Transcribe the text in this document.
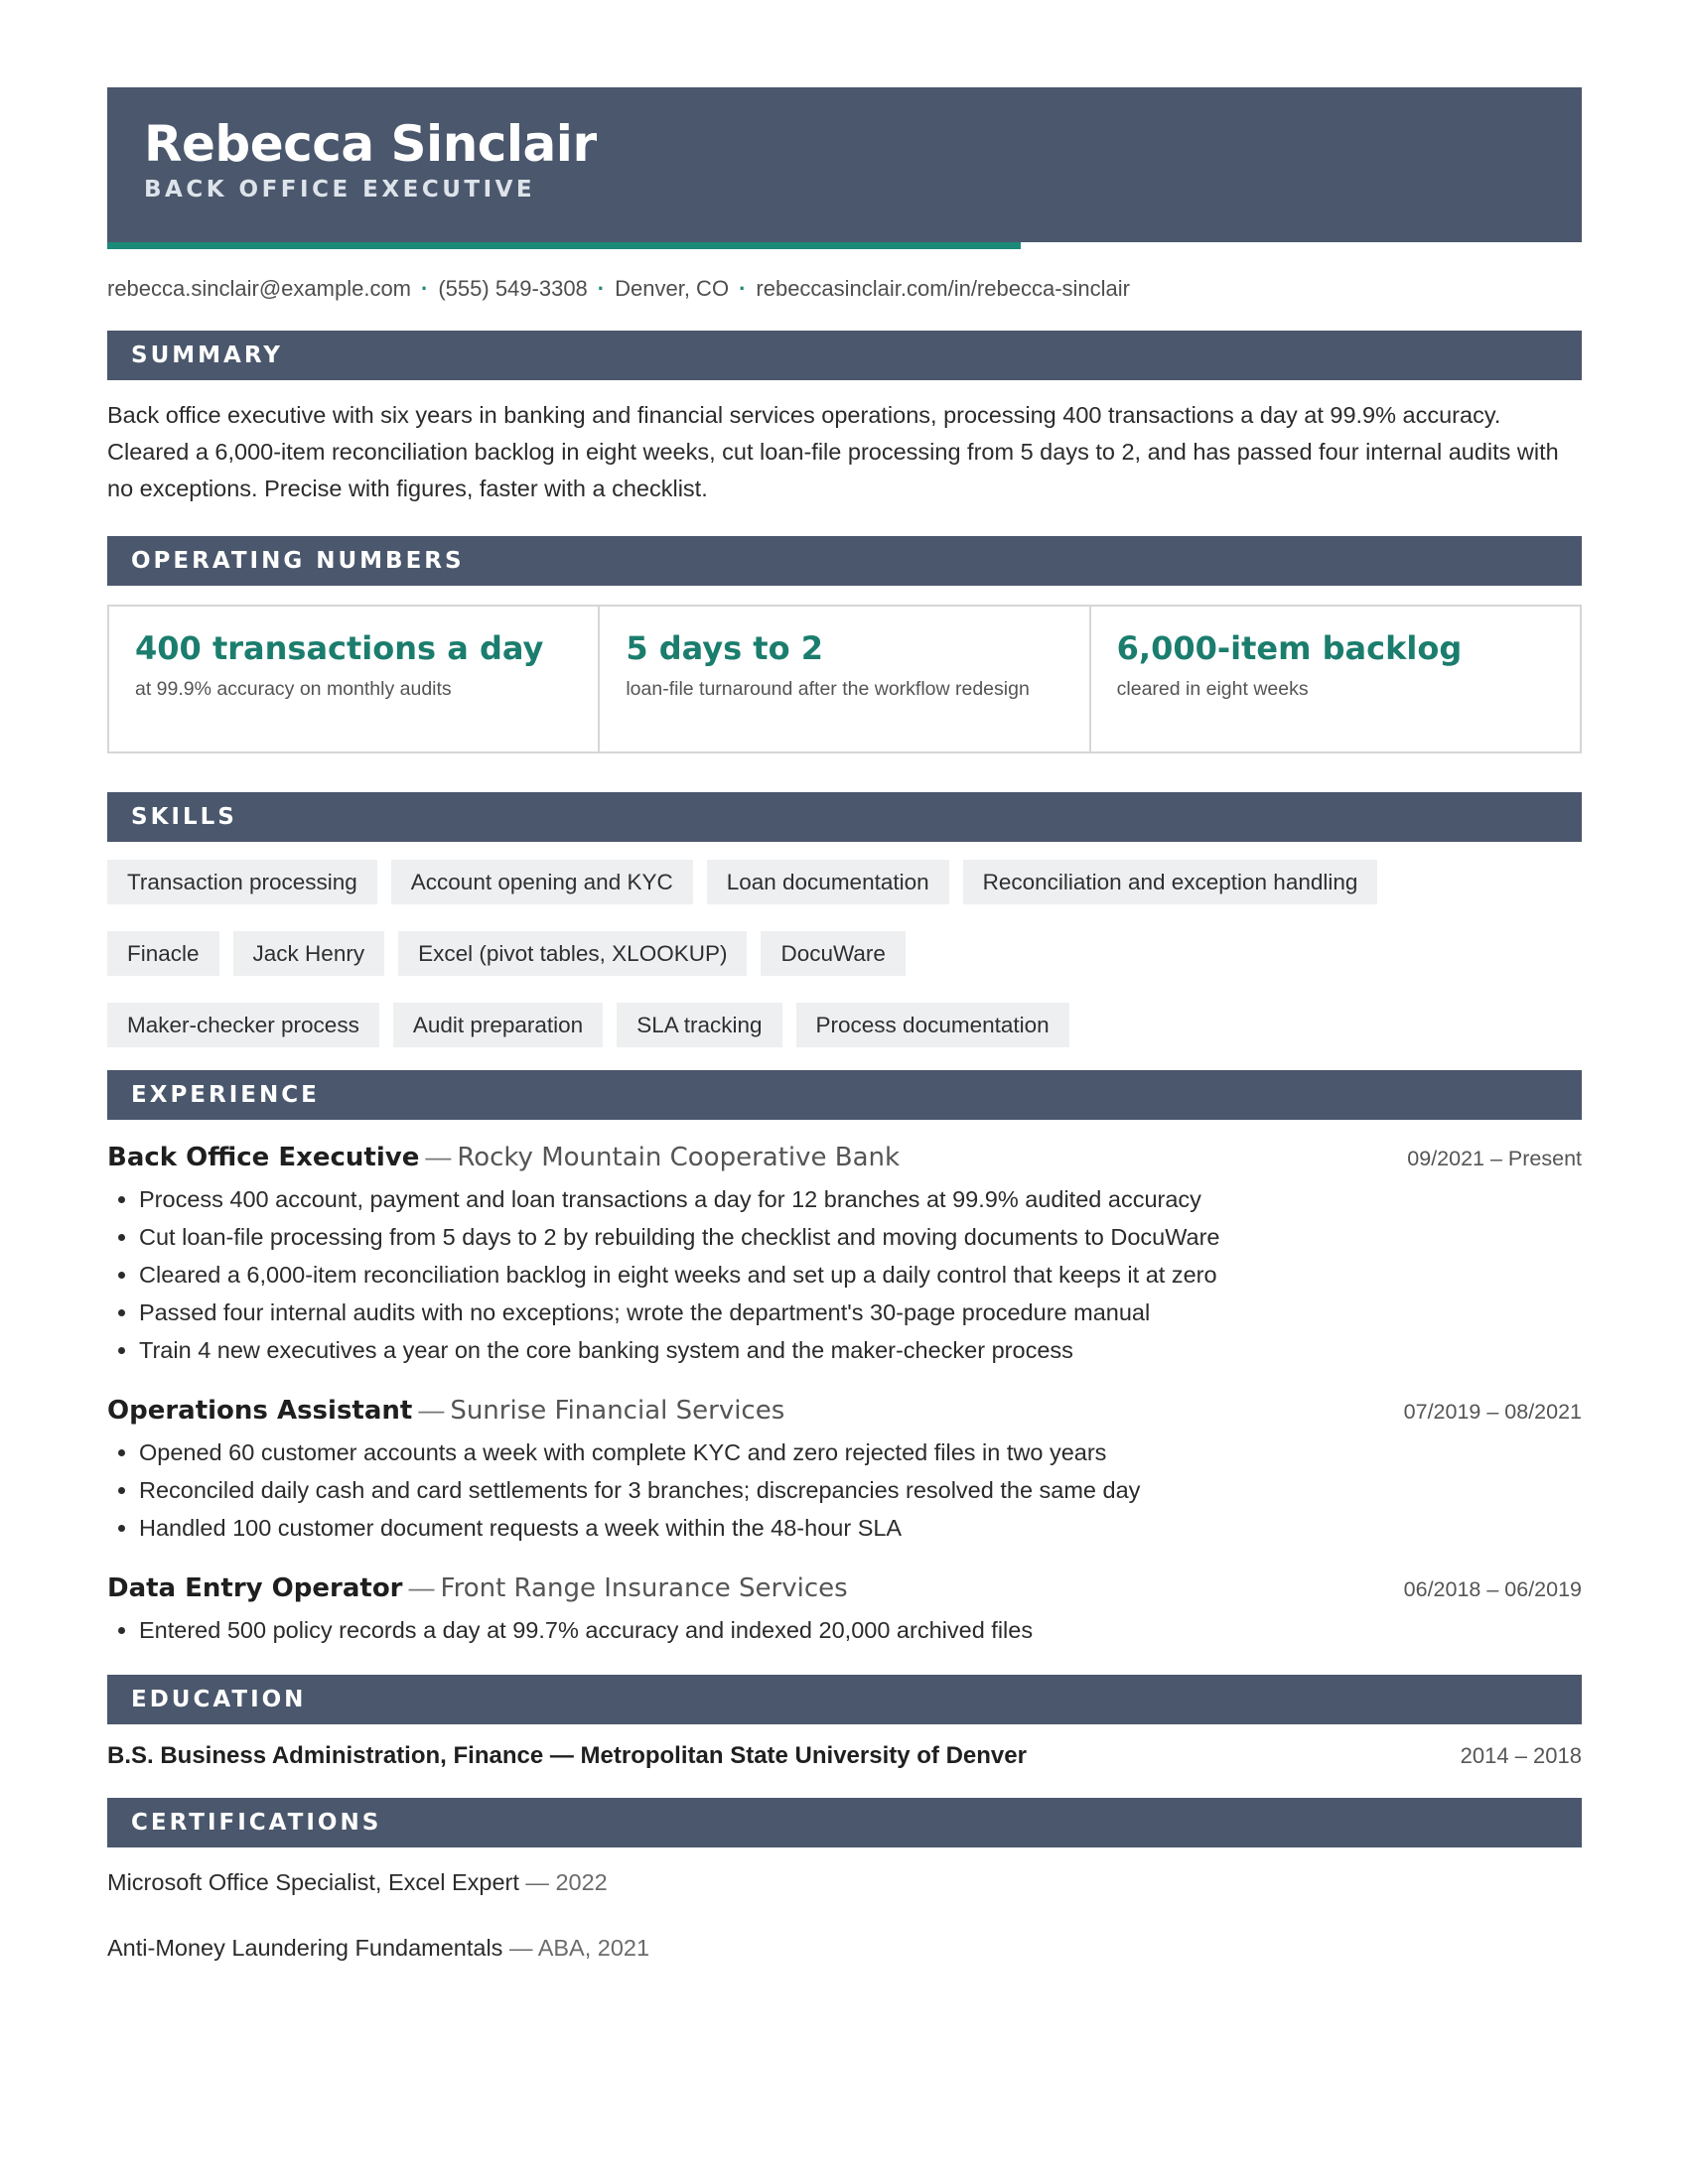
Rebecca Sinclair
BACK OFFICE EXECUTIVE
rebecca.sinclair@example.com · (555) 549-3308 · Denver, CO · rebeccasinclair.com/in/rebecca-sinclair
SUMMARY
Back office executive with six years in banking and financial services operations, processing 400 transactions a day at 99.9% accuracy. Cleared a 6,000-item reconciliation backlog in eight weeks, cut loan-file processing from 5 days to 2, and has passed four internal audits with no exceptions. Precise with figures, faster with a checklist.
OPERATING NUMBERS
400 transactions a day
at 99.9% accuracy on monthly audits
5 days to 2
loan-file turnaround after the workflow redesign
6,000-item backlog
cleared in eight weeks
SKILLS
Transaction processing	Account opening and KYC	Loan documentation	Reconciliation and exception handling
Finacle	Jack Henry	Excel (pivot tables, XLOOKUP)	DocuWare
Maker-checker process	Audit preparation	SLA tracking	Process documentation
EXPERIENCE
Back Office Executive — Rocky Mountain Cooperative Bank	09/2021 – Present
• Process 400 account, payment and loan transactions a day for 12 branches at 99.9% audited accuracy
• Cut loan-file processing from 5 days to 2 by rebuilding the checklist and moving documents to DocuWare
• Cleared a 6,000-item reconciliation backlog in eight weeks and set up a daily control that keeps it at zero
• Passed four internal audits with no exceptions; wrote the department's 30-page procedure manual
• Train 4 new executives a year on the core banking system and the maker-checker process
Operations Assistant — Sunrise Financial Services	07/2019 – 08/2021
• Opened 60 customer accounts a week with complete KYC and zero rejected files in two years
• Reconciled daily cash and card settlements for 3 branches; discrepancies resolved the same day
• Handled 100 customer document requests a week within the 48-hour SLA
Data Entry Operator — Front Range Insurance Services	06/2018 – 06/2019
• Entered 500 policy records a day at 99.7% accuracy and indexed 20,000 archived files
EDUCATION
B.S. Business Administration, Finance — Metropolitan State University of Denver	2014 – 2018
CERTIFICATIONS
Microsoft Office Specialist, Excel Expert — 2022
Anti-Money Laundering Fundamentals — ABA, 2021
